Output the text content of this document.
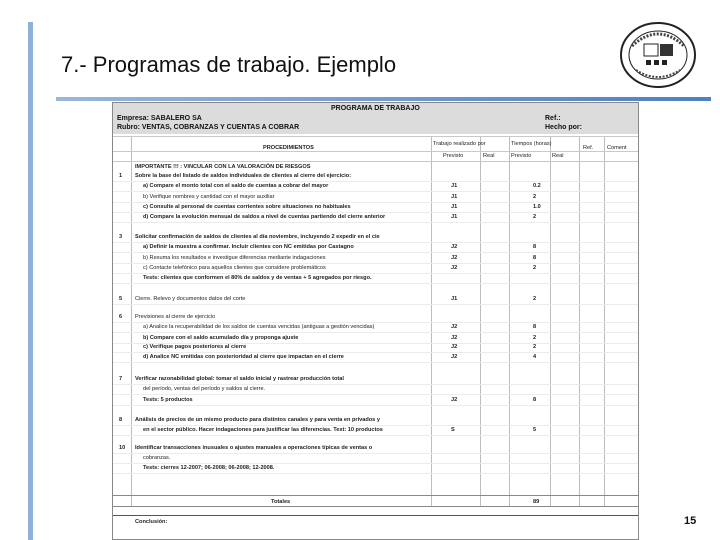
7.- Programas de trabajo. Ejemplo
PROGRAMA DE TRABAJO
Empresa: SABALERO SA
Rubro: VENTAS, COBRANZAS Y CUENTAS A COBRAR
Ref.:
Hecho por:
PROCEDIMIENTOS
Trabajo realizado por	Tiempos (horas)
Ref. Coment
Previsto	Real	Previsto	Real
IMPORTANTE !!! : VINCULAR CON LA VALORACIÓN DE RIESGOS
1 Sobre la base del listado de saldos individuales de clientes al cierre del ejercicio:
a) Compare el monto total con el saldo de cuentas a cobrar del mayor	J1	0.2
b) Verifique nombres y cantidad con el mayor auxiliar	J1	2
c) Consulte al personal de cuentas corrientes sobre situaciones no habituales	J1	1.0
d) Compare la evolución mensual de saldos a nivel de cuentas partiendo del cierre anterior	J1	2
3 Solicitar confirmación de saldos de clientes al día noviembre, incluyendo 2 expedir en el cie
a) Definir la muestra a confirmar. Incluir clientes con NC emitidas por Castagno	J2	8
b) Resuma los resultados e investigue diferencias mediante indagaciones	J2	8
c) Contacte telefónico para aquellos clientes que considere problemáticos	J2	2
Tests: clientes que conformen el 80% de saldos y de ventas + 5 agregados por riesgo.
5 Cierre. Relevo y documentos datos del corte	J1	2
6 Previsiones al cierre de ejercicio
a) Analice la recuperabilidad de los saldos de cuentas vencidas (antiguas a gestión vencidas)	J2	8
b) Compare con el saldo acumulado día y proponga ajuste	J2	2
c) Verifique pagos posteriores al cierre	J2	2
d) Analice NC emitidas con posterioridad al cierre que impactan en el cierre	J2	4
7 Verificar razonabilidad global: tomar el saldo inicial y rastrear producción total
del período, ventas del período y saldos al cierre.
Tests: 5 productos	J2	8
8 Análisis de precios de un mismo producto para distintos canales y para venta en privados y
en el sector público. Hacer indagaciones para justificar las diferencias. Test: 10 productos	S	5
10 Identificar transacciones inusuales o ajustes manuales a operaciones típicas de ventas o
cobranzas.
Tests: cierres 12-2007; 06-2008; 06-2008; 12-2008.
Totales	89
Conclusión:	15
